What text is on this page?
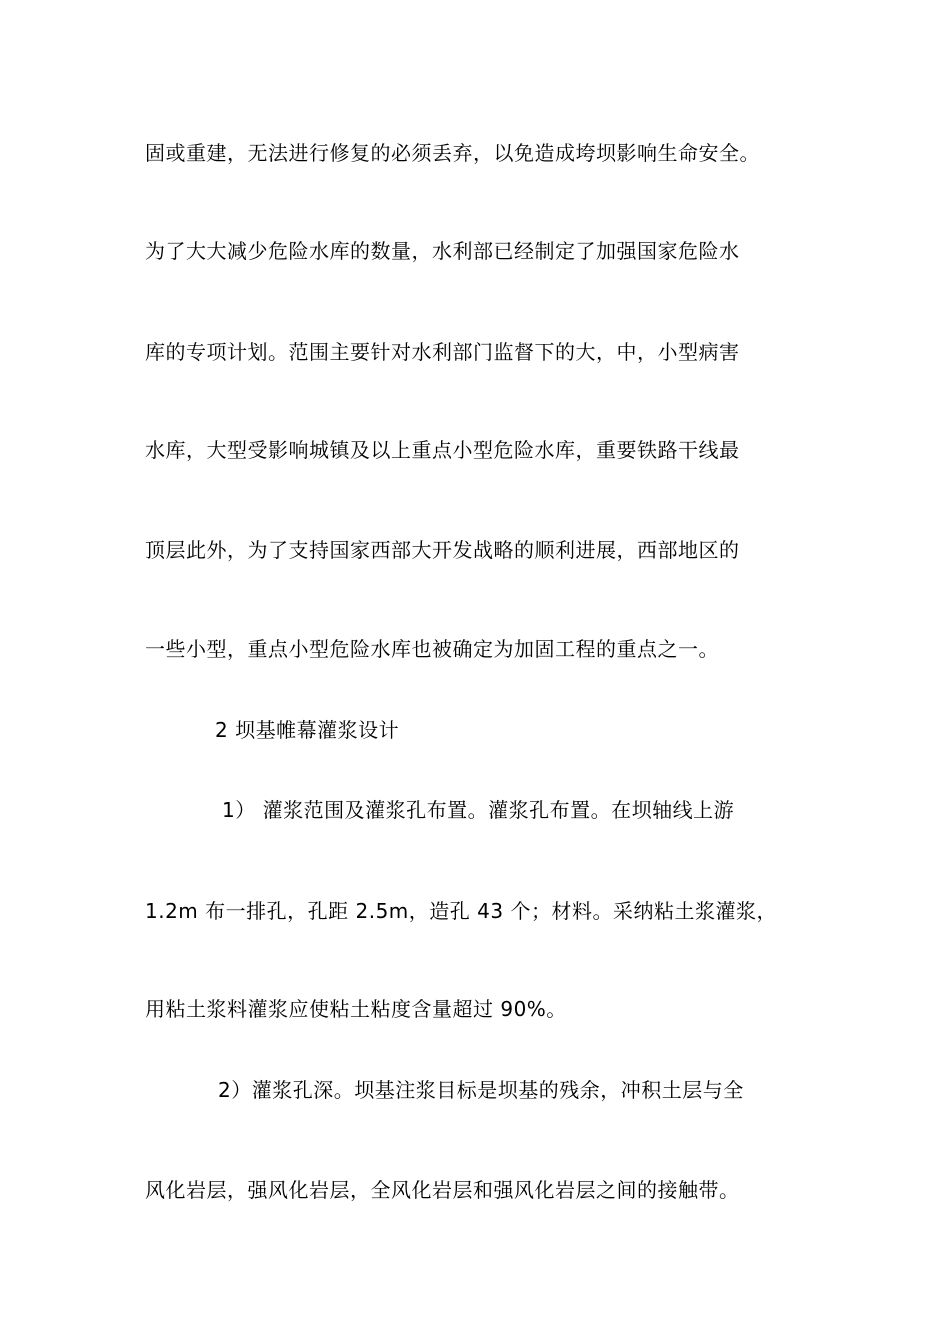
固或重建，无法进行修复的必须丢弃，以免造成垮坝影响生命安全。
为了大大减少危险水库的数量，水利部已经制定了加强国家危险水
库的专项计划。范围主要针对水利部门监督下的大，中，小型病害
水库，大型受影响城镇及以上重点小型危险水库，重要铁路干线最
顶层此外，为了支持国家西部大开发战略的顺利进展，西部地区的
一些小型，重点小型危险水库也被确定为加固工程的重点之一。
2 坝基帷幕灌浆设计
1） 灌浆范围及灌浆孔布置。灌浆孔布置。在坝轴线上游
1.2m 布一排孔，孔距 2.5m，造孔 43 个；材料。采纳粘土浆灌浆，
用粘土浆料灌浆应使粘土粘度含量超过 90%。
2）灌浆孔深。坝基注浆目标是坝基的残余，冲积土层与全
风化岩层，强风化岩层，全风化岩层和强风化岩层之间的接触带。
